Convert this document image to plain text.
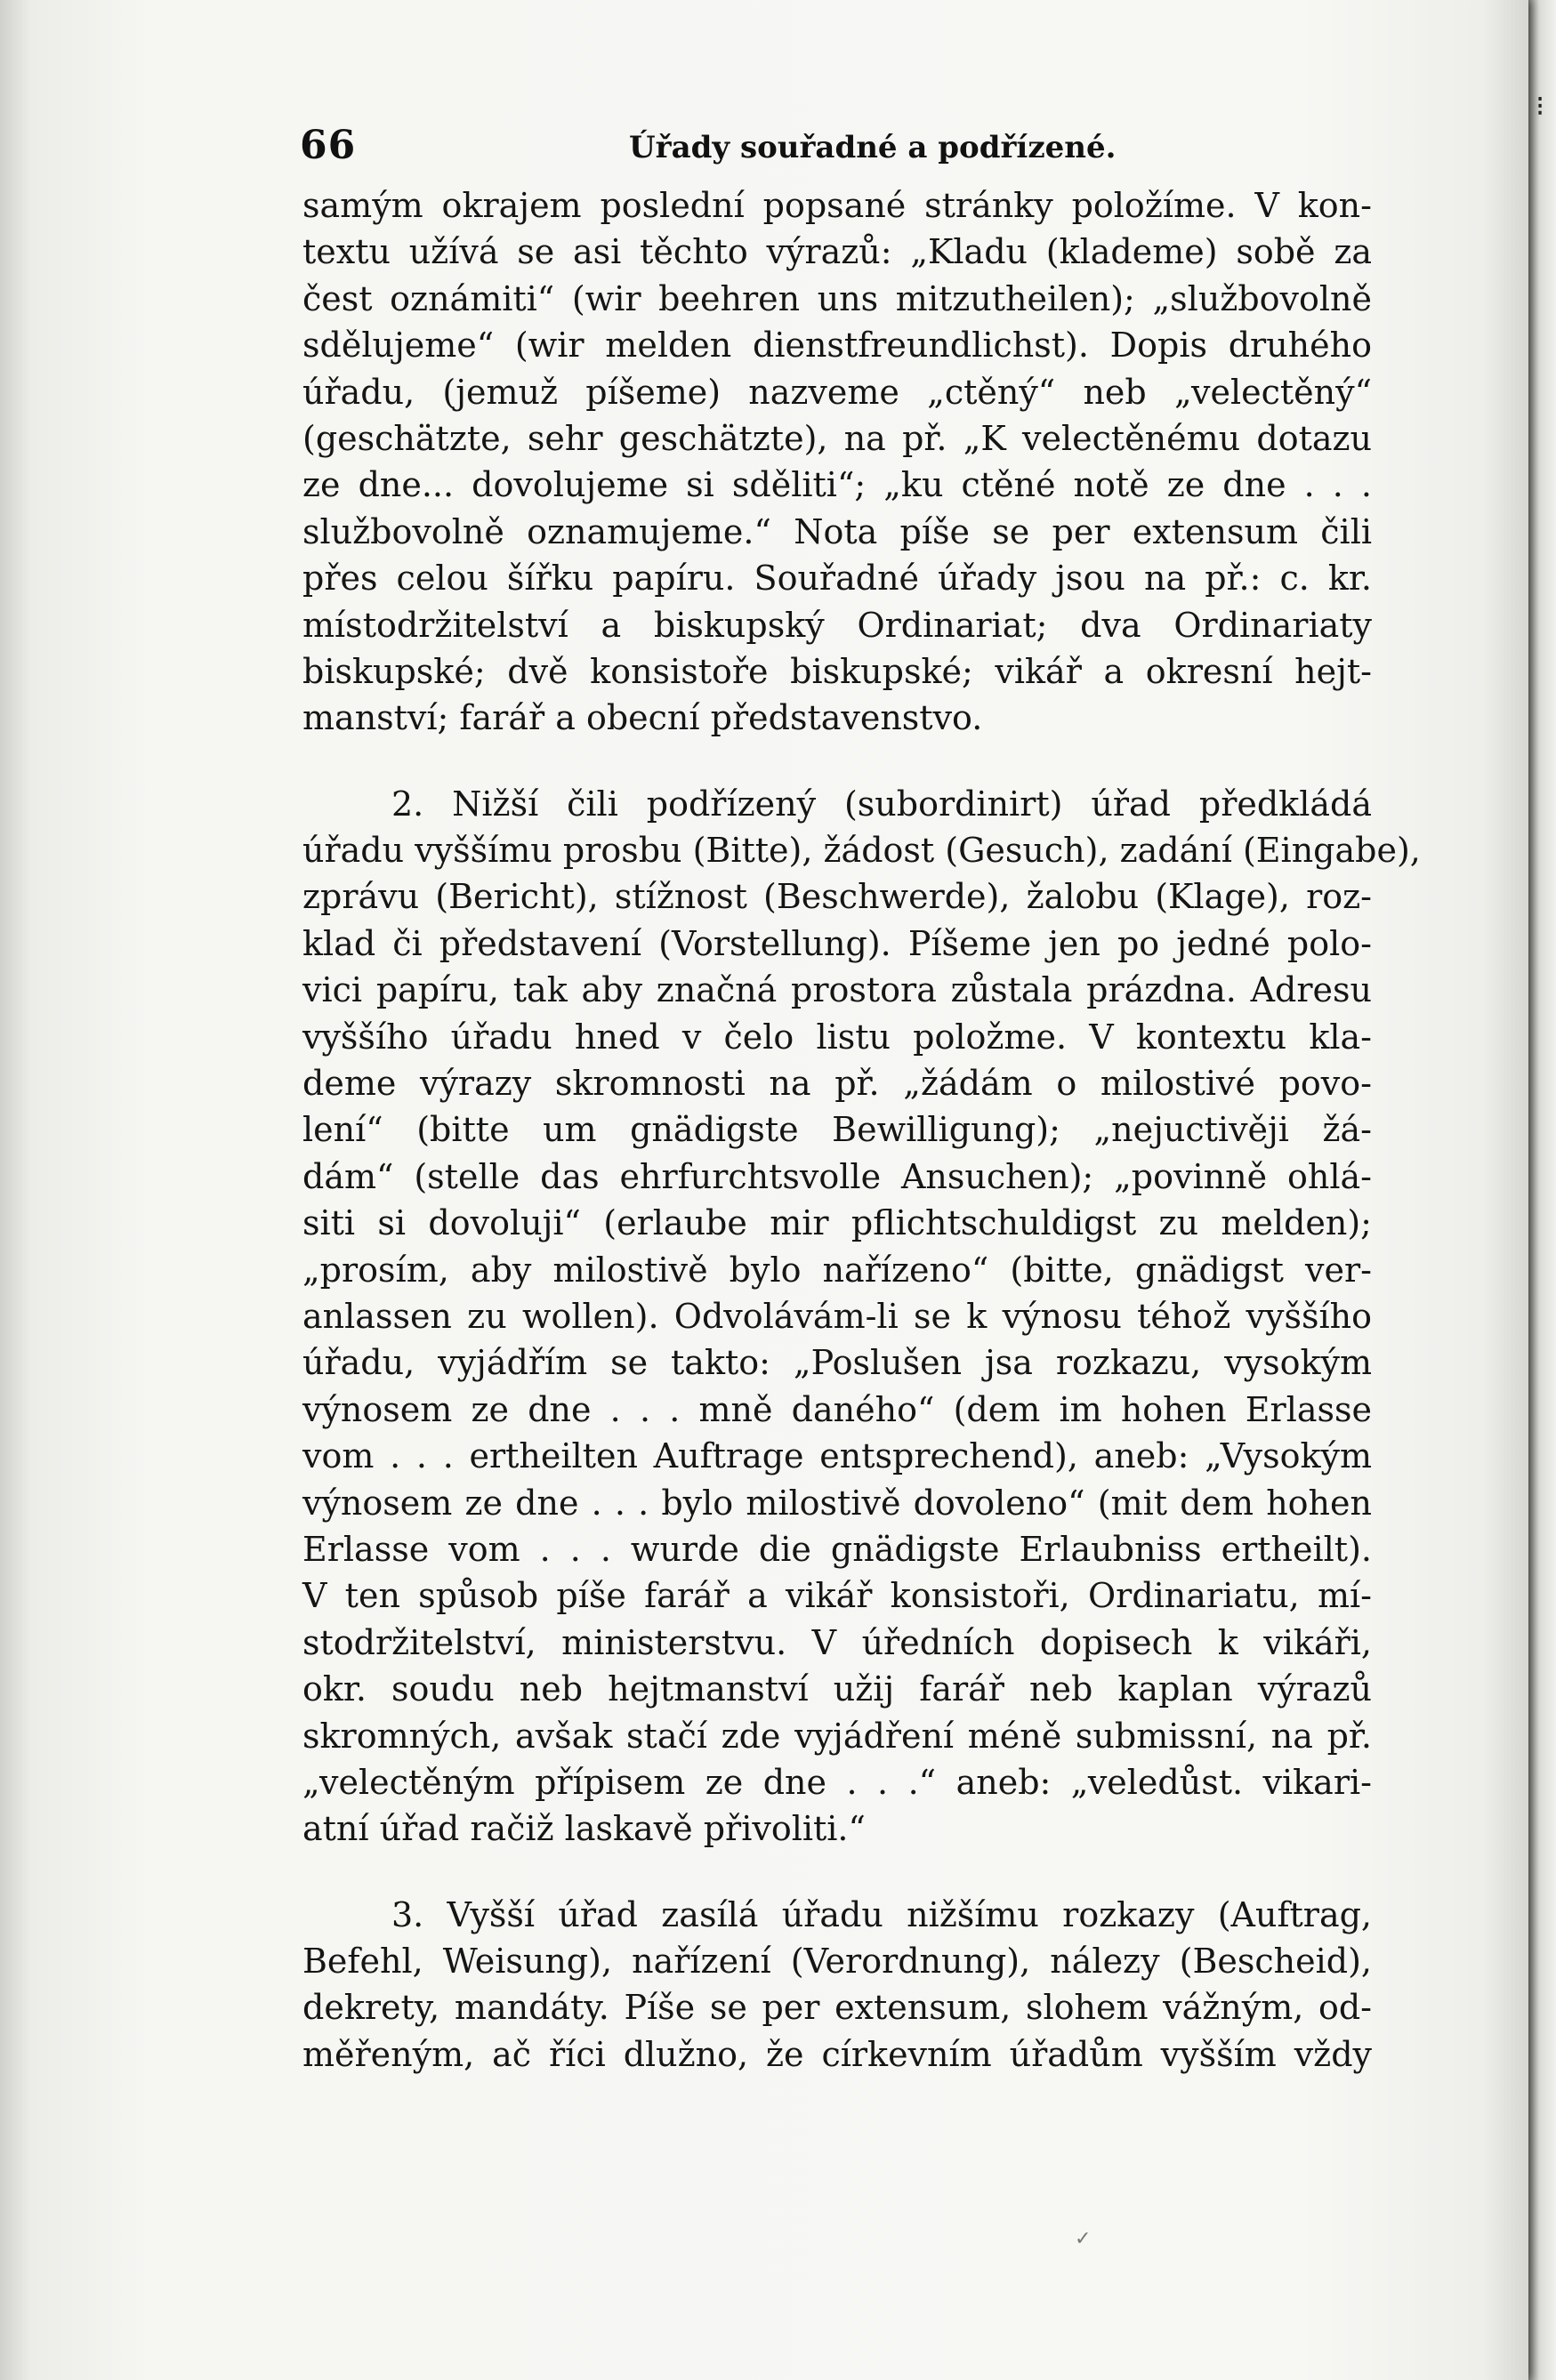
66	Úřady souřadné a podřízené.
samým okrajem poslední popsané stránky položíme. V kon-
textu užívá se asi těchto výrazů: „Kladu (klademe) sobě za
čest oznámiti“ (wir beehren uns mitzutheilen); „službovolně
sdělujeme“ (wir melden dienstfreundlichst). Dopis druhého
úřadu, (jemuž píšeme) nazveme „ctěný“ neb „velectěný“
(geschätzte, sehr geschätzte), na př. „K velectěnému dotazu
ze dne... dovolujeme si sděliti“; „ku ctěné notě ze dne . . .
službovolně oznamujeme.“ Nota píše se per extensum čili
přes celou šířku papíru. Souřadné úřady jsou na př.: c. kr.
místodržitelství a biskupský Ordinariat; dva Ordinariaty
biskupské; dvě konsistoře biskupské; vikář a okresní hejt-
manství; farář a obecní představenstvo.
2. Nižší čili podřízený (subordinirt) úřad předkládá
úřadu vyššímu prosbu (Bitte), žádost (Gesuch), zadání (Eingabe),
zprávu (Bericht), stížnost (Beschwerde), žalobu (Klage), roz-
klad či představení (Vorstellung). Píšeme jen po jedné polo-
vici papíru, tak aby značná prostora zůstala prázdna. Adresu
vyššího úřadu hned v čelo listu položme. V kontextu kla-
deme výrazy skromnosti na př. „žádám o milostivé povo-
lení“ (bitte um gnädigste Bewilligung); „nejuctivěji žá-
dám“ (stelle das ehrfurchtsvolle Ansuchen); „povinně ohlá-
siti si dovoluji“ (erlaube mir pflichtschuldigst zu melden);
„prosím, aby milostivě bylo nařízeno“ (bitte, gnädigst ver-
anlassen zu wollen). Odvolávám-li se k výnosu téhož vyššího
úřadu, vyjádřím se takto: „Poslušen jsa rozkazu, vysokým
výnosem ze dne . . . mně daného“ (dem im hohen Erlasse
vom . . . ertheilten Auftrage entsprechend), aneb: „Vysokým
výnosem ze dne . . . bylo milostivě dovoleno“ (mit dem hohen
Erlasse vom . . . wurde die gnädigste Erlaubniss ertheilt).
V ten spůsob píše farář a vikář konsistoři, Ordinariatu, mí-
stodržitelství, ministerstvu. V úředních dopisech k vikáři,
okr. soudu neb hejtmanství užij farář neb kaplan výrazů
skromných, avšak stačí zde vyjádření méně submissní, na př.
„velectěným přípisem ze dne . . .“ aneb: „veledůst. vikari-
atní úřad račiž laskavě přivoliti.“
3. Vyšší úřad zasílá úřadu nižšímu rozkazy (Auftrag,
Befehl, Weisung), nařízení (Verordnung), nálezy (Bescheid),
dekrety, mandáty. Píše se per extensum, slohem vážným, od-
měřeným, ač říci dlužno, že církevním úřadům vyšším vždy
⁝
✓
